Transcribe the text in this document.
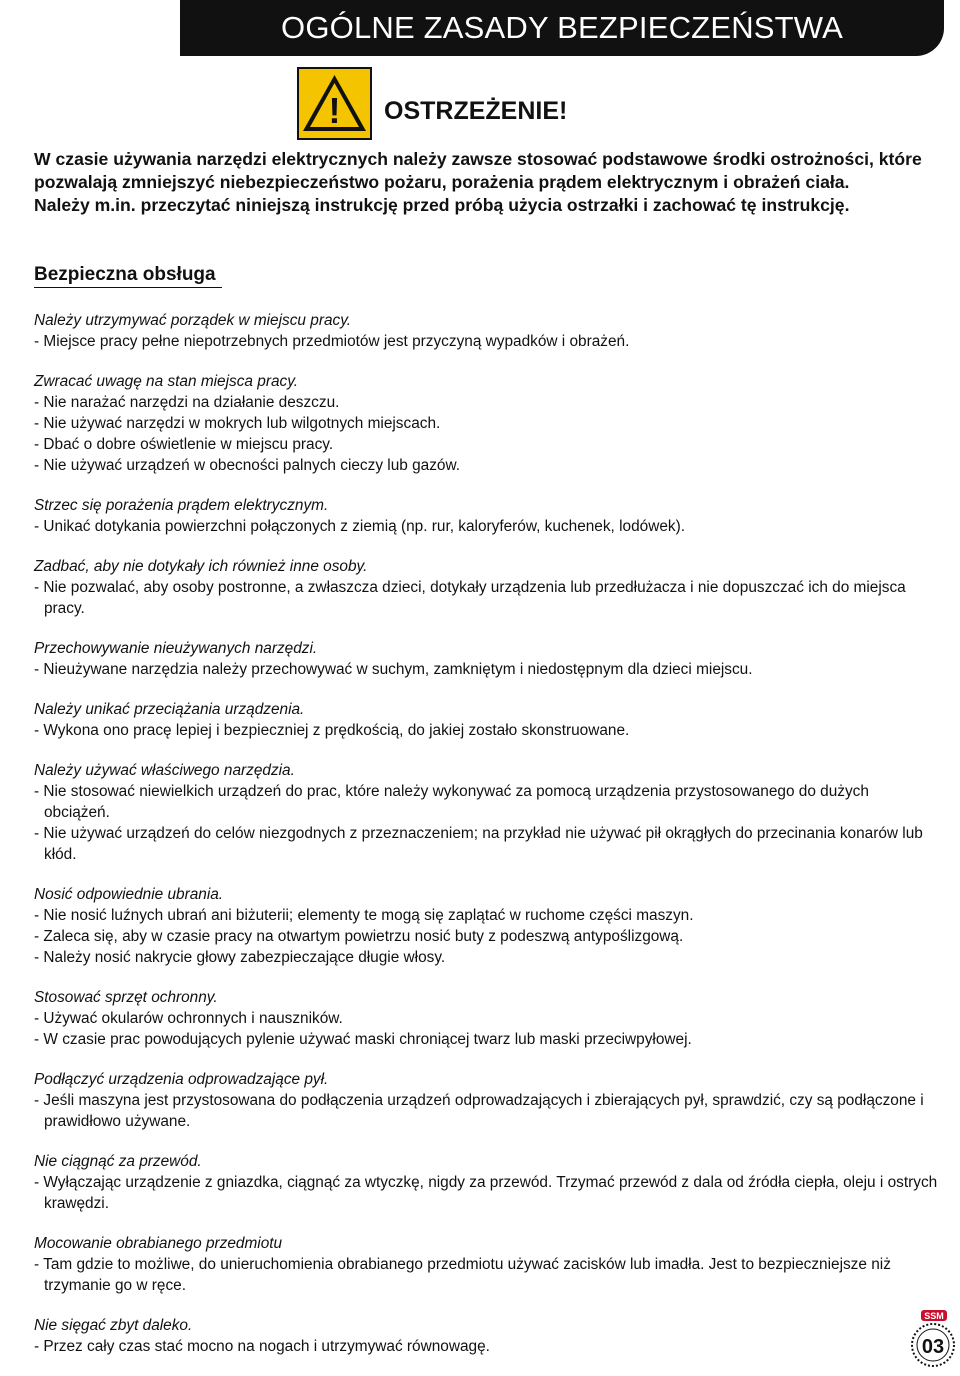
OGÓLNE ZASADY BEZPIECZEŃSTWA
! OSTRZEŻENIE!

W czasie używania narzędzi elektrycznych należy zawsze stosować podstawowe środki ostrożności, które pozwalają zmniejszyć niebezpieczeństwo pożaru, porażenia prądem elektrycznym i obrażeń ciała.

Należy m.in. przeczytać niniejszą instrukcję przed próbą użycia ostrzałki i zachować tę instrukcję.

Bezpieczna obsługa
Należy utrzymywać porządek w miejscu pracy.
- Miejsce pracy pełne niepotrzebnych przedmiotów jest przyczyną wypadków i obrażeń.
Zwracać uwagę na stan miejsca pracy.
- Nie narażać narzędzi na działanie deszczu.
- Nie używać narzędzi w mokrych lub wilgotnych miejscach.
- Dbać o dobre oświetlenie w miejscu pracy.
- Nie używać urządzeń w obecności palnych cieczy lub gazów.
Strzec się porażenia prądem elektrycznym.
- Unikać dotykania powierzchni połączonych z ziemią (np. rur, kaloryferów, kuchenek, lodówek).
Zadbać, aby nie dotykały ich również inne osoby.
- Nie pozwalać, aby osoby postronne, a zwłaszcza dzieci, dotykały urządzenia lub przedłużacza i nie dopuszczać ich do miejsca pracy.
Przechowywanie nieużywanych narzędzi.
- Nieużywane narzędzia należy przechowywać w suchym, zamkniętym i niedostępnym dla dzieci miejscu.
Należy unikać przeciążania urządzenia.
- Wykona ono pracę lepiej i bezpieczniej z prędkością, do jakiej zostało skonstruowane.
Należy używać właściwego narzędzia.
- Nie stosować niewielkich urządzeń do prac, które należy wykonywać za pomocą urządzenia przystosowanego do dużych obciążeń.
- Nie używać urządzeń do celów niezgodnych z przeznaczeniem; na przykład nie używać pił okrągłych do przecinania konarów lub kłód.
Nosić odpowiednie ubrania.
- Nie nosić luźnych ubrań ani biżuterii; elementy te mogą się zaplątać w ruchome części maszyn.
- Zaleca się, aby w czasie pracy na otwartym powietrzu nosić buty z podeszwą antypoślizgową.
- Należy nosić nakrycie głowy zabezpieczające długie włosy.
Stosować sprzęt ochronny.
- Używać okularów ochronnych i nauszników.
- W czasie prac powodujących pylenie używać maski chroniącej twarz lub maski przeciwpyłowej.
Podłączyć urządzenia odprowadzające pył.
- Jeśli maszyna jest przystosowana do podłączenia urządzeń odprowadzających i zbierających pył, sprawdzić, czy są podłączone i prawidłowo używane.
Nie ciągnąć za przewód.
- Wyłączając urządzenie z gniazdka, ciągnąć za wtyczkę, nigdy za przewód. Trzymać przewód z dala od źródła ciepła, oleju i ostrych krawędzi.
Mocowanie obrabianego przedmiotu
- Tam gdzie to możliwe, do unieruchomienia obrabianego przedmiotu używać zacisków lub imadła. Jest to bezpieczniejsze niż trzymanie go w ręce.
Nie sięgać zbyt daleko.
- Przez cały czas stać mocno na nogach i utrzymywać równowagę.
SSM
03
